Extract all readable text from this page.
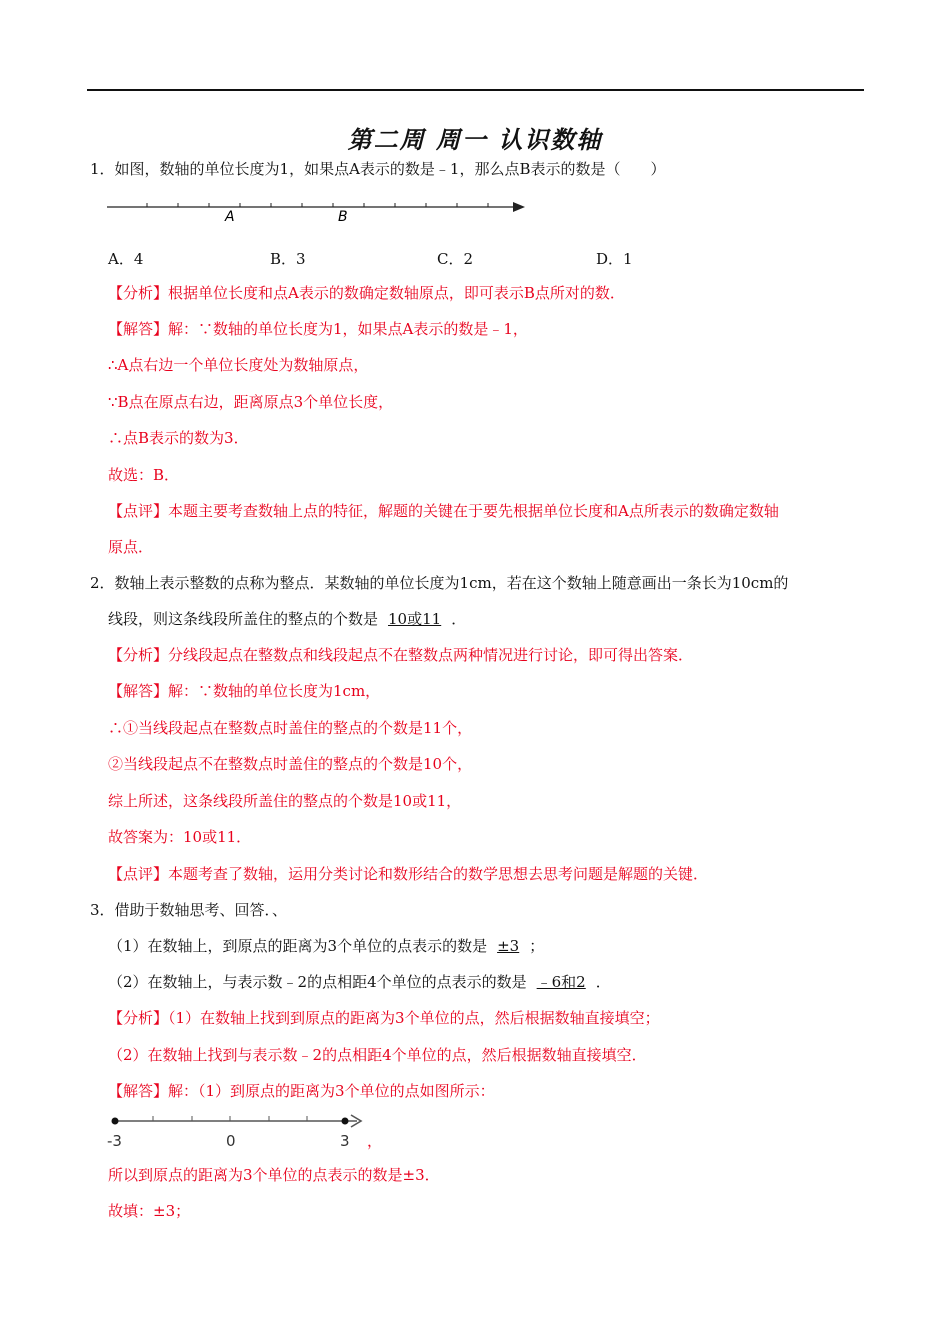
第二周 周一 认识数轴
1．如图，数轴的单位长度为1，如果点A表示的数是﹣1，那么点B表示的数是（　　）
A	B
A．4	B．3	C．2	D．1
【分析】根据单位长度和点A表示的数确定数轴原点，即可表示B点所对的数．
【解答】解：∵数轴的单位长度为1，如果点A表示的数是﹣1，
∴A点右边一个单位长度处为数轴原点，
∵B点在原点右边，距离原点3个单位长度，
∴点B表示的数为3．
故选：B．
【点评】本题主要考查数轴上点的特征，解题的关键在于要先根据单位长度和A点所表示的数确定数轴
原点．
2．数轴上表示整数的点称为整点．某数轴的单位长度为1cm，若在这个数轴上随意画出一条长为10cm的
线段，则这条线段所盖住的整点的个数是 10或11 ．
【分析】分线段起点在整数点和线段起点不在整数点两种情况进行讨论，即可得出答案．
【解答】解：∵数轴的单位长度为1cm，
∴①当线段起点在整数点时盖住的整点的个数是11个，
②当线段起点不在整数点时盖住的整点的个数是10个，
综上所述，这条线段所盖住的整点的个数是10或11，
故答案为：10或11．
【点评】本题考查了数轴，运用分类讨论和数形结合的数学思想去思考问题是解题的关键．
3．借助于数轴思考、回答．、
（1）在数轴上，到原点的距离为3个单位的点表示的数是 ±3 ；
（2）在数轴上，与表示数﹣2的点相距4个单位的点表示的数是 ﹣6和2 ．
【分析】（1）在数轴上找到到原点的距离为3个单位的点，然后根据数轴直接填空；
（2）在数轴上找到与表示数﹣2的点相距4个单位的点，然后根据数轴直接填空．
【解答】解：（1）到原点的距离为3个单位的点如图所示：
-3	0	3 ，
所以到原点的距离为3个单位的点表示的数是±3．
故填：±3；
